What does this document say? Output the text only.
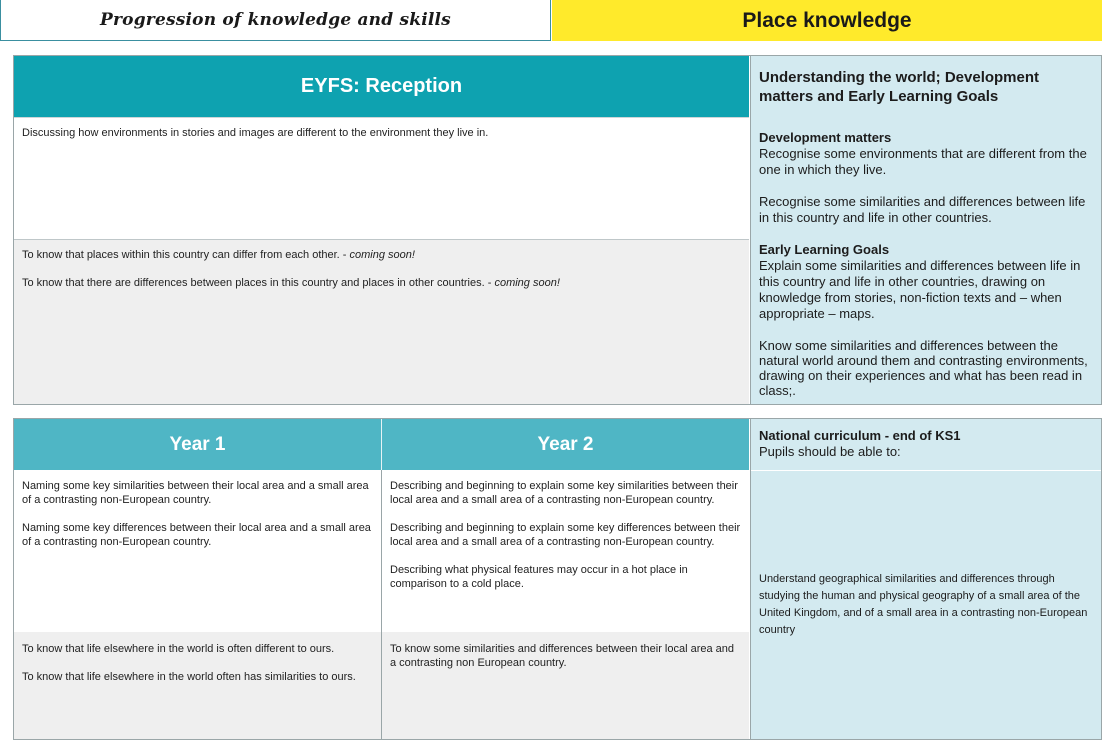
Progression of knowledge and skills	Place knowledge
EYFS: Reception

Discussing how environments in stories and images are different to the environment they live in.

To know that places within this country can differ from each other. - coming soon!

To know that there are differences between places in this country and places in other countries. - coming soon!

Understanding the world; Development matters and Early Learning Goals
Development matters

Recognise some environments that are different from the one in which they live.

Recognise some similarities and differences between life in this country and life in other countries.

Early Learning Goals

Explain some similarities and differences between life in this country and life in other countries, drawing on knowledge from stories, non-fiction texts and – when appropriate – maps.

Know some similarities and differences between the natural world around them and contrasting environments, drawing on their experiences and what has been read in class;.

Year 1	Year 2

Naming some key similarities between their local area and a small area of a contrasting non-European country.

Naming some key differences between their local area and a small area of a contrasting non-European country.

Describing and beginning to explain some key similarities between their local area and a small area of a contrasting non-European country.

Describing and beginning to explain some key differences between their local area and a small area of a contrasting non-European country.

Describing what physical features may occur in a hot place in comparison to a cold place.

To know that life elsewhere in the world is often different to ours.

To know that life elsewhere in the world often has similarities to ours.

To know some similarities and differences between their local area and a contrasting non European country.

National curriculum - end of KS1
Pupils should be able to:

Understand geographical similarities and differences through studying the human and physical geography of a small area of the United Kingdom, and of a small area in a contrasting non-European country
